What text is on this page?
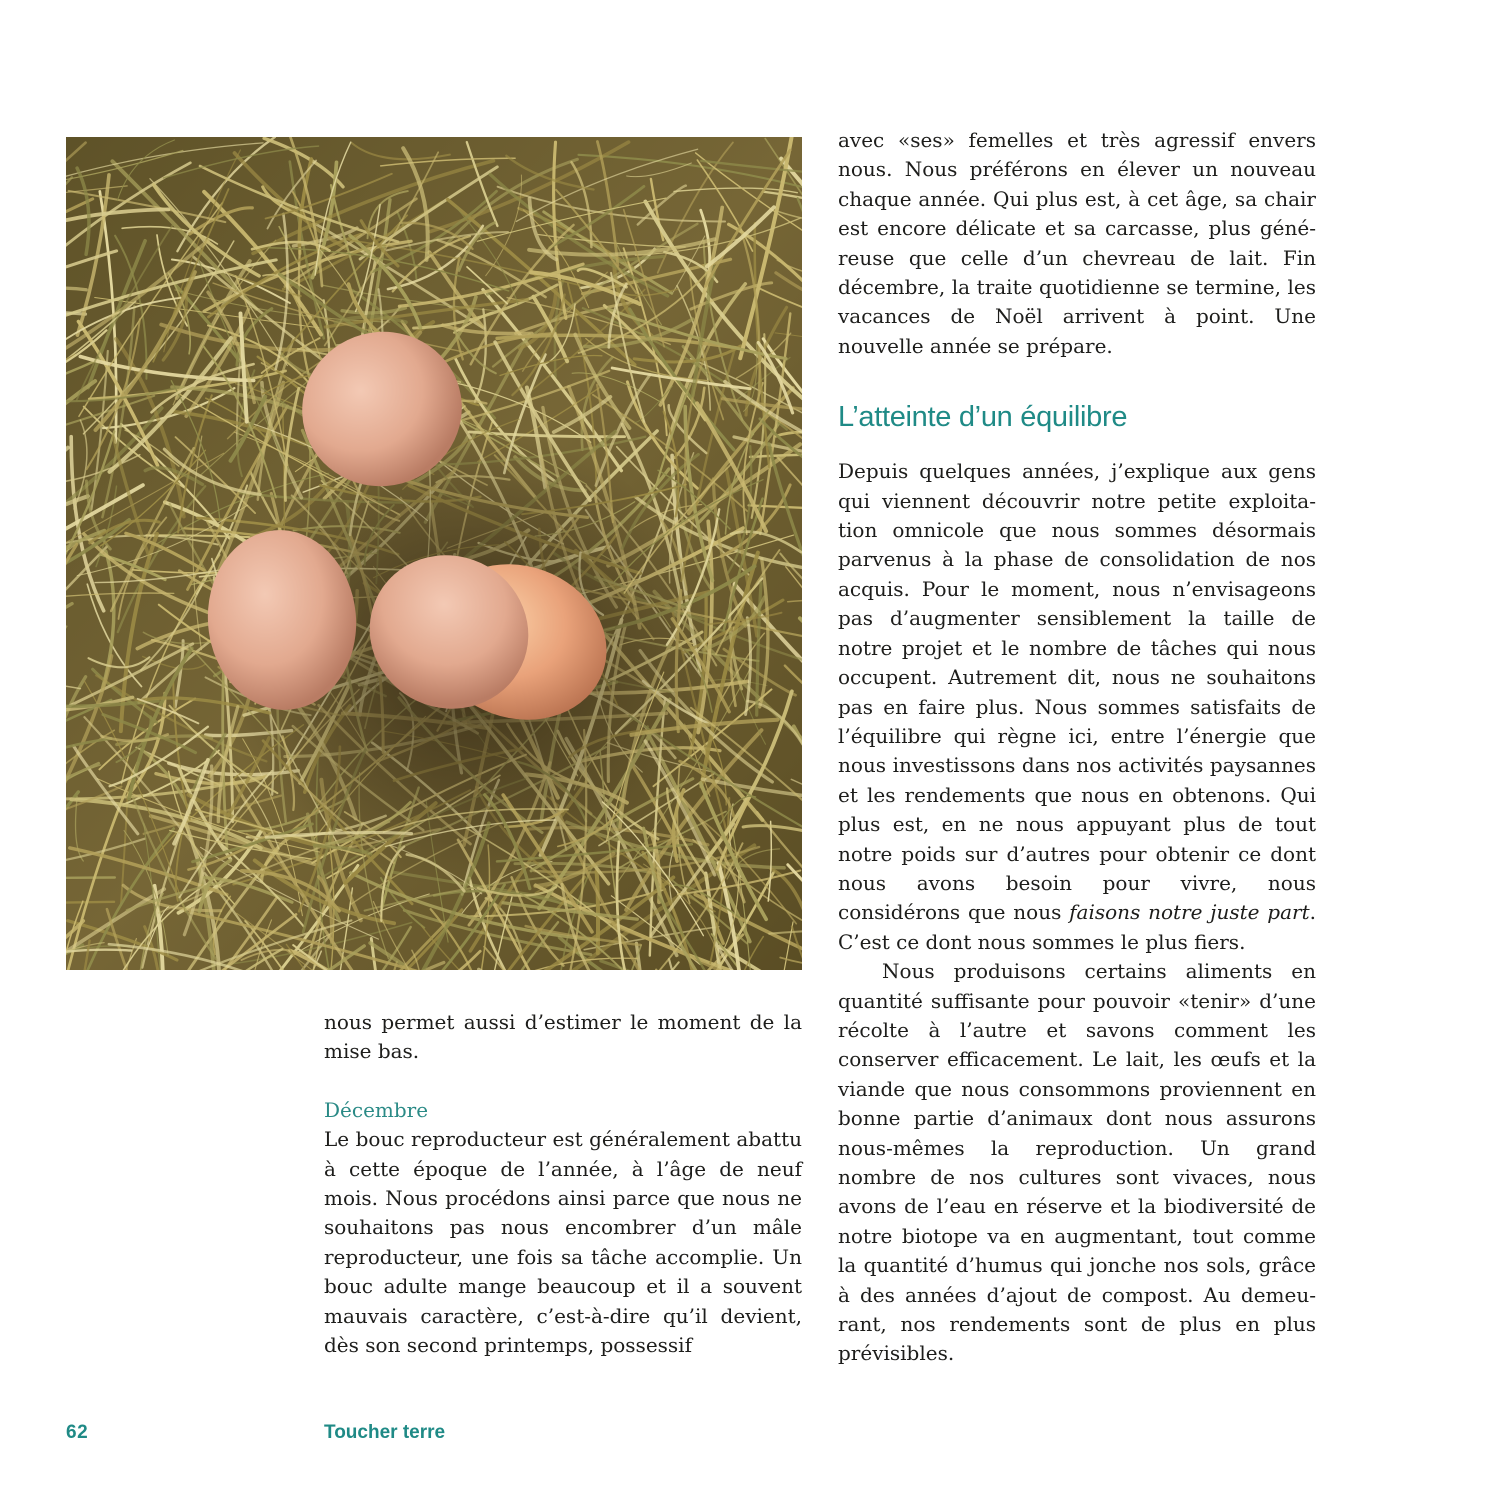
nous permet aussi d’estimer le moment de la mise bas.
Décembre
Le bouc reproducteur est généralement abattu à cette époque de l’année, à l’âge de neuf mois. Nous procédons ainsi parce que nous ne souhaitons pas nous encombrer d’un mâle reproducteur, une fois sa tâche accomplie. Un bouc adulte mange beaucoup et il a souvent mauvais caractère, c’est-à-dire qu’il devient, dès son second printemps, possessif
avec «ses» femelles et très agressif envers nous. Nous préférons en élever un nouveau chaque année. Qui plus est, à cet âge, sa chair est encore délicate et sa carcasse, plus généreuse que celle d’un chevreau de lait. Fin décembre, la traite quotidienne se termine, les vacances de Noël arrivent à point. Une nouvelle année se prépare.
L’atteinte d’un équilibre
Depuis quelques années, j’explique aux gens qui viennent découvrir notre petite exploitation omnicole que nous sommes désormais parvenus à la phase de consolidation de nos acquis. Pour le moment, nous n’envisageons pas d’augmenter sensiblement la taille de notre projet et le nombre de tâches qui nous occupent. Autrement dit, nous ne souhaitons pas en faire plus. Nous sommes satisfaits de l’équilibre qui règne ici, entre l’énergie que nous investissons dans nos activités paysannes et les rendements que nous en obtenons. Qui plus est, en ne nous appuyant plus de tout notre poids sur d’autres pour obtenir ce dont nous avons besoin pour vivre, nous considérons que nous faisons notre juste part. C’est ce dont nous sommes le plus fiers.
Nous produisons certains aliments en quantité suffisante pour pouvoir «tenir» d’une récolte à l’autre et savons comment les conserver efficacement. Le lait, les œufs et la viande que nous consommons proviennent en bonne partie d’animaux dont nous assurons nous-mêmes la reproduction. Un grand nombre de nos cultures sont vivaces, nous avons de l’eau en réserve et la biodiversité de notre biotope va en augmentant, tout comme la quantité d’humus qui jonche nos sols, grâce à des années d’ajout de compost. Au demeurant, nos rendements sont de plus en plus prévisibles.
62	Toucher terre
